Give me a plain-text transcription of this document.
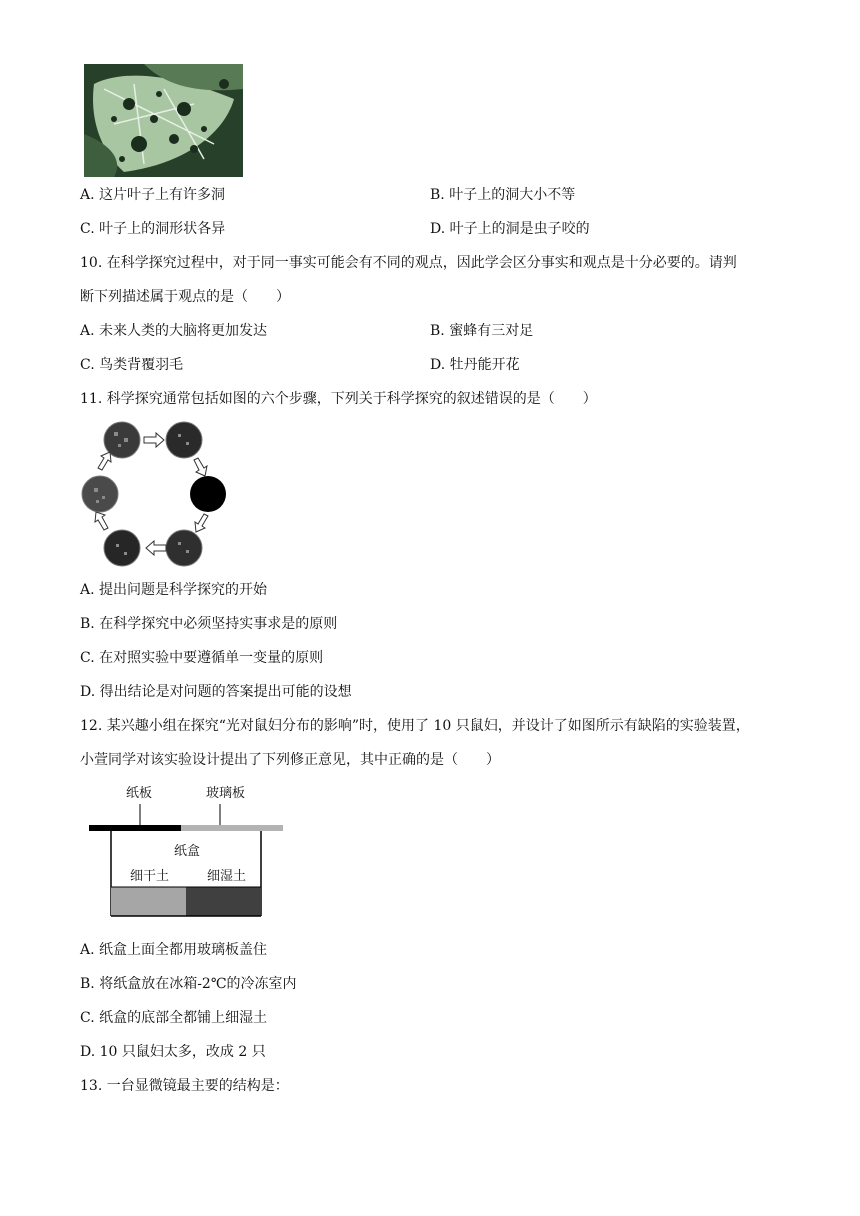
A. 这片叶子上有许多洞	B. 叶子上的洞大小不等
C. 叶子上的洞形状各异	D. 叶子上的洞是虫子咬的
10. 在科学探究过程中，对于同一事实可能会有不同的观点，因此学会区分事实和观点是十分必要的。请判
断下列描述属于观点的是（　　）
A. 未来人类的大脑将更加发达	B. 蜜蜂有三对足
C. 鸟类背覆羽毛	D. 牡丹能开花
11. 科学探究通常包括如图的六个步骤，下列关于科学探究的叙述错误的是（　　）
A. 提出问题是科学探究的开始
B. 在科学探究中必须坚持实事求是的原则
C. 在对照实验中要遵循单一变量的原则
D. 得出结论是对问题的答案提出可能的设想
12. 某兴趣小组在探究“光对鼠妇分布的影响”时，使用了 10 只鼠妇，并设计了如图所示有缺陷的实验装置，
小萱同学对该实验设计提出了下列修正意见，其中正确的是（　　）
纸板	玻璃板
纸盒
细干土	细湿土
A. 纸盒上面全都用玻璃板盖住
B. 将纸盒放在冰箱-2℃的冷冻室内
C. 纸盒的底部全都铺上细湿土
D. 10 只鼠妇太多，改成 2 只
13. 一台显微镜最主要的结构是：
